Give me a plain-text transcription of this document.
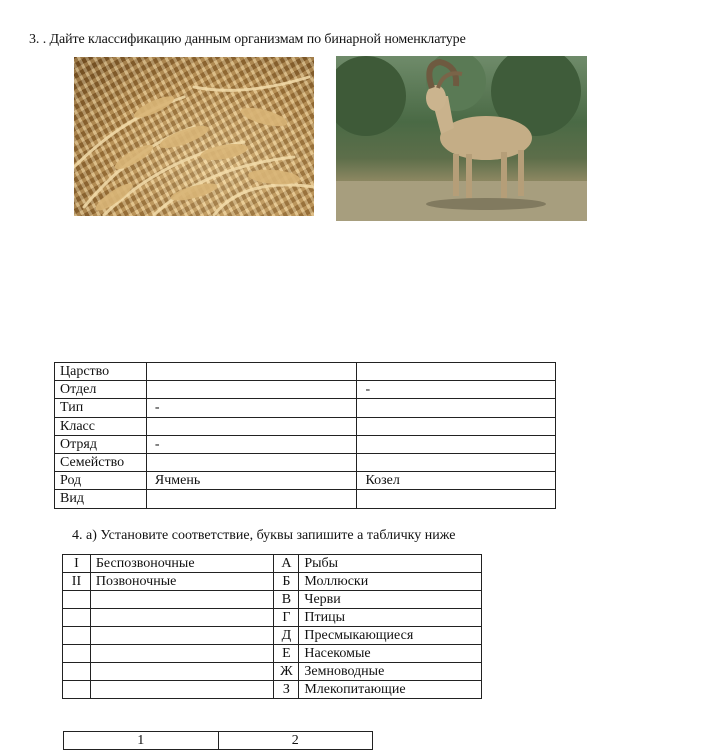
3. . Дайте классификацию данным организмам по бинарной номенклатуре
Царство		
Отдел		-
Тип	-	
Класс		
Отряд	-	
Семейство		
Род	Ячмень	Козел
Вид		
4. а) Установите соответствие, буквы запишите а табличку ниже
I	Беспозвоночные	А	Рыбы
II	Позвоночные	Б	Моллюски
		В	Черви
		Г	Птицы
		Д	Пресмыкающиеся
		Е	Насекомые
		Ж	Земноводные
		З	Млекопитающие
1	2
